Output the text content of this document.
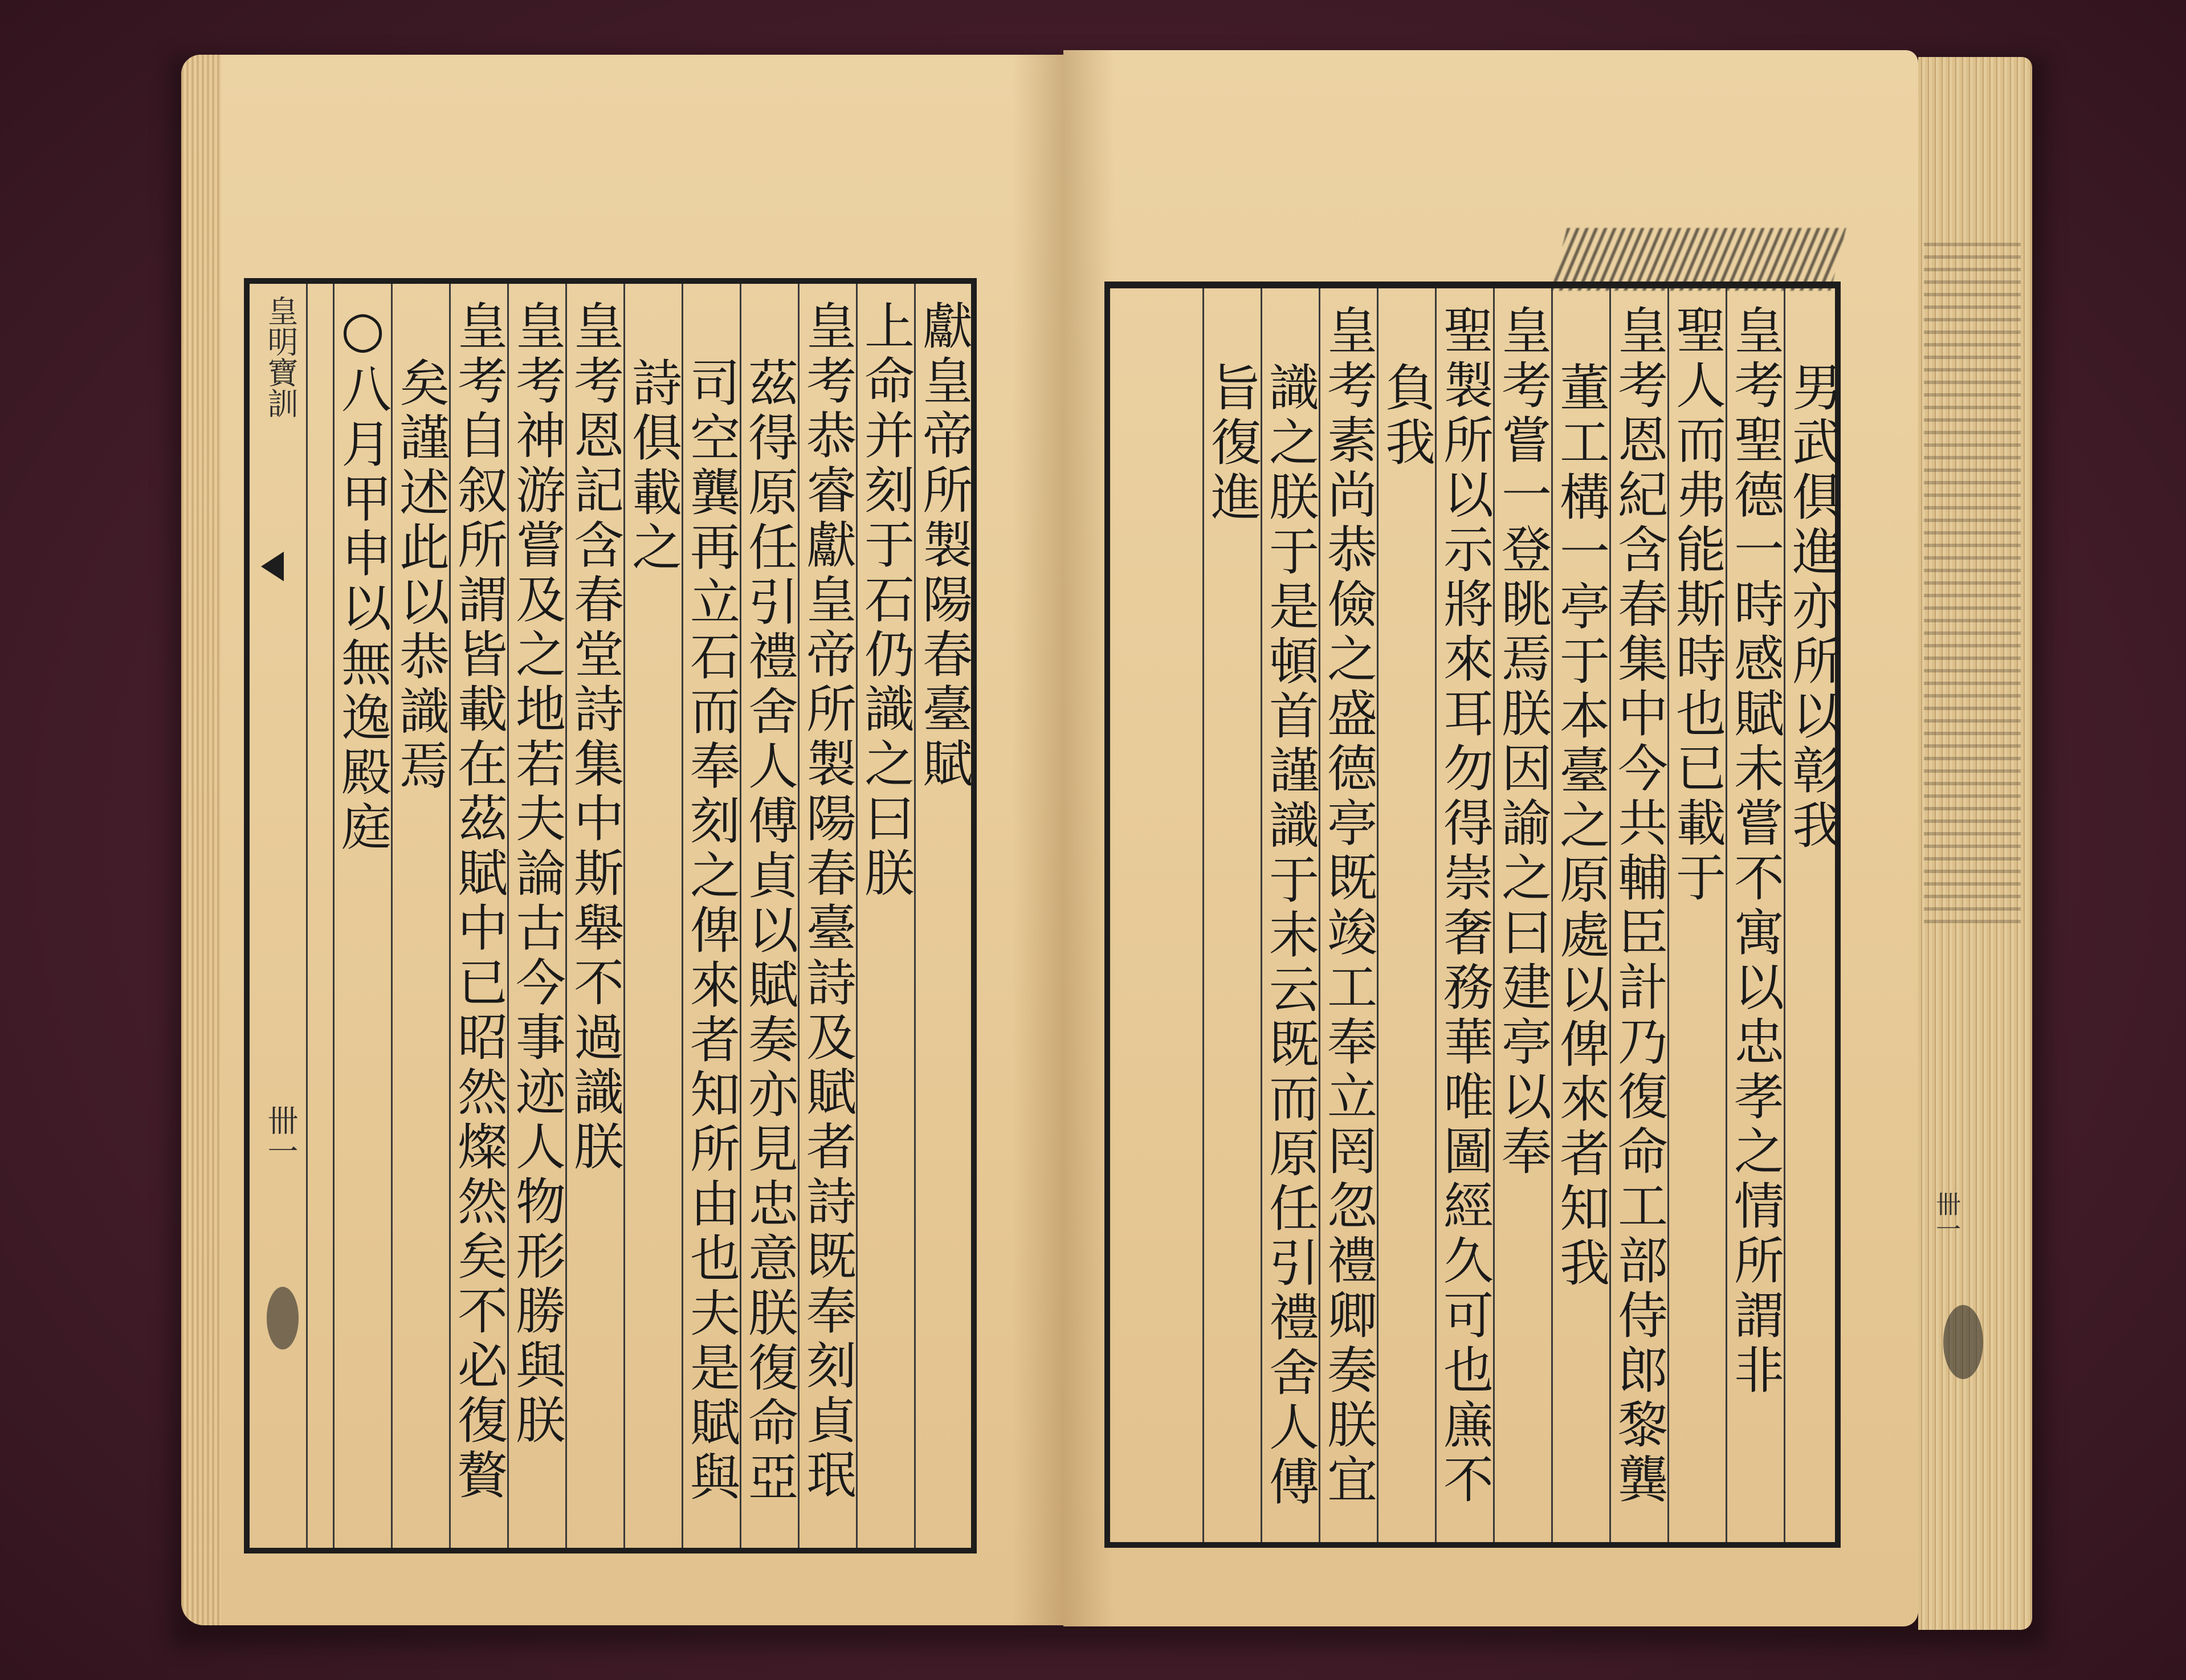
卌一
皇明寶訓
卌一
獻皇帝所製陽春臺賦
上命并刻于石仍識之曰朕
皇考恭睿獻皇帝所製陽春臺詩及賦者詩既奉刻貞珉
茲得原任引禮舍人傅貞以賦奏亦見忠意朕復命亞
司空龔再立石而奉刻之俾來者知所由也夫是賦與
詩俱載之
皇考恩記含春堂詩集中斯舉不過識朕
皇考神游嘗及之地若夫論古今事迹人物形勝與朕
皇考自叙所謂皆載在茲賦中已昭然燦然矣不必復贅
矣謹述此以恭識焉
○八月甲申以無逸殿庭	男武俱進亦所以彰我
皇考聖德一時感賦未嘗不寓以忠孝之情所謂非
聖人而弗能斯時也已載于
皇考恩紀含春集中今共輔臣計乃復命工部侍郎黎龔
董工構一亭于本臺之原處以俾來者知我
皇考嘗一登眺焉朕因諭之曰建亭以奉
聖製所以示將來耳勿得崇奢務華唯圖經久可也㢘不
負我
皇考素尚恭儉之盛德亭既竣工奉立罔忽禮卿奏朕宜
識之朕于是頓首謹識于末云既而原任引禮舍人傅
旨復進
